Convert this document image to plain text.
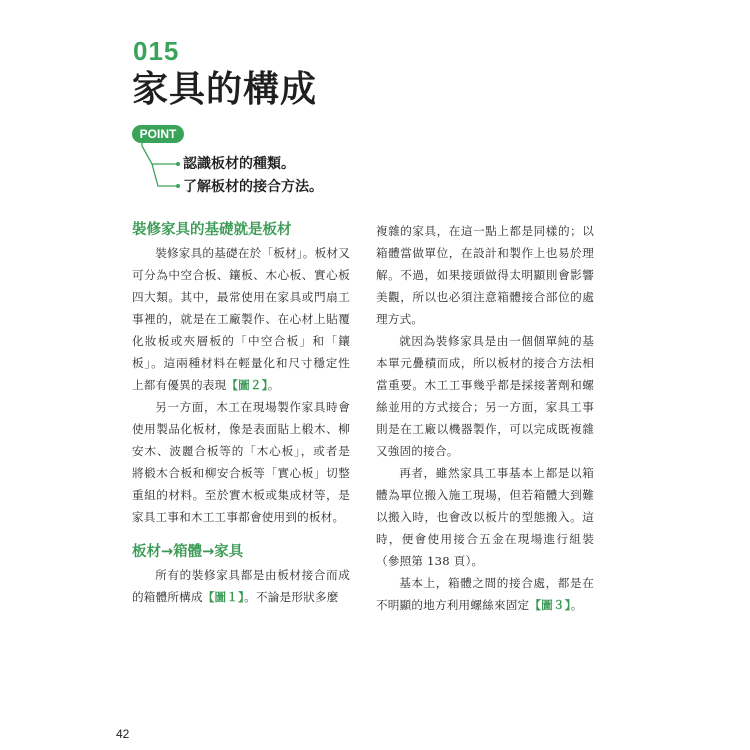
015
家具的構成
POINT
認識板材的種類。
了解板材的接合方法。
裝修家具的基礎就是板材

裝修家具的基礎在於「板材」。板材又可分為中空合板、鑲板、木心板、實心板四大類。其中，最常使用在家具或門扇工事裡的，就是在工廠製作、在心材上貼覆化妝板或夾層板的「中空合板」和「鑲板」。這兩種材料在輕量化和尺寸穩定性上都有優異的表現【圖２】。

另一方面，木工在現場製作家具時會使用製品化板材，像是表面貼上椴木、柳安木、波麗合板等的「木心板」，或者是將椴木合板和柳安合板等「實心板」切整重組的材料。至於實木板或集成材等，是家具工事和木工工事都會使用到的板材。

板材→箱體→家具

所有的裝修家具都是由板材接合而成的箱體所構成【圖１】。不論是形狀多麼

複雜的家具，在這一點上都是同樣的；以箱體當做單位，在設計和製作上也易於理解。不過，如果接頭做得太明顯則會影響美觀，所以也必須注意箱體接合部位的處理方式。

就因為裝修家具是由一個個單純的基本單元疊積而成，所以板材的接合方法相當重要。木工工事幾乎都是採接著劑和螺絲並用的方式接合；另一方面，家具工事則是在工廠以機器製作，可以完成既複雜又強固的接合。

再者，雖然家具工事基本上都是以箱體為單位搬入施工現場，但若箱體大到難以搬入時，也會改以板片的型態搬入。這時，便會使用接合五金在現場進行組裝（參照第 138 頁）。

基本上，箱體之間的接合處，都是在不明顯的地方利用螺絲來固定【圖３】。

42
